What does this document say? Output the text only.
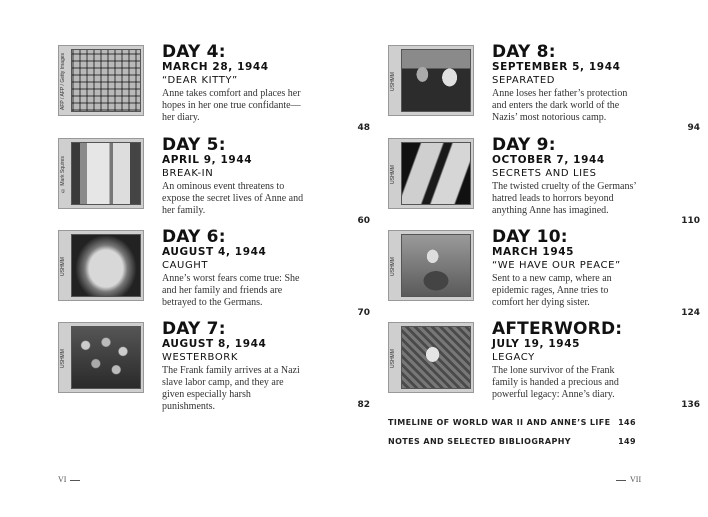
AFP / AFP / Getty Images
DAY 4:
MARCH 28, 1944
“DEAR KITTY”
Anne takes comfort and places her hopes in her one true confidante—her diary.
48
© Mark Squires
DAY 5:
APRIL 9, 1944
BREAK-IN
An ominous event threatens to expose the secret lives of Anne and her family.
60
USHMM
DAY 6:
AUGUST 4, 1944
CAUGHT
Anne’s worst fears come true: She and her family and friends are betrayed to the Germans.
70
USHMM
DAY 7:
AUGUST 8, 1944
WESTERBORK
The Frank family arrives at a Nazi slave labor camp, and they are given especially harsh punishments.	82
USHMM
DAY 8:
SEPTEMBER 5, 1944
SEPARATED
Anne loses her father’s protection and enters the dark world of the Nazis’ most notorious camp.
94
USHMM
DAY 9:
OCTOBER 7, 1944
SECRETS AND LIES
The twisted cruelty of the Germans’ hatred leads to horrors beyond anything Anne has imagined.
110
USHMM
DAY 10:
MARCH 1945
“WE HAVE OUR PEACE”
Sent to a new camp, where an epidemic rages, Anne tries to comfort her dying sister.
124
USHMM
AFTERWORD:
JULY 19, 1945
LEGACY
The lone survivor of the Frank family is handed a precious and powerful legacy: Anne’s diary.
136
TIMELINE OF WORLD WAR II AND ANNE’S LIFE 146
NOTES AND SELECTED BIBLIOGRAPHY	149
VI	VII
